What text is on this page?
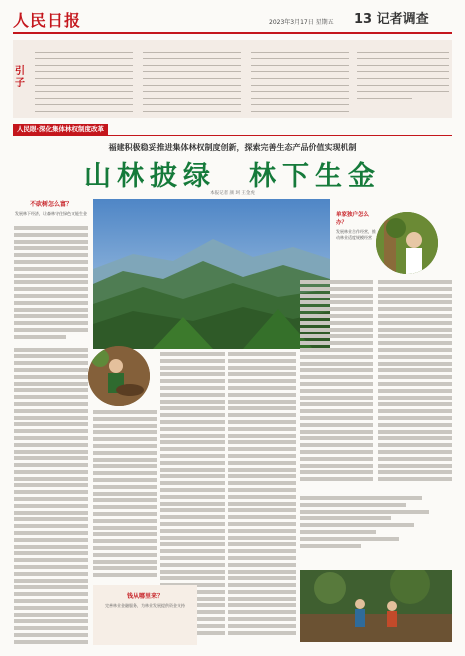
人民日报	2023年3月17日 星期五 13 记者调查
引子
人民眼·深化集体林权制度改革
福建积极稳妥推进集体林权制度创新，探索完善生态产品价值实现机制
山林披绿　林下生金
本报记者 颜 珂 王金虎
不砍树怎么富？
发展林下经济，让森林守住绿色又能生金	单家独户怎么办？
发展林业合作经营，推动林业适度规模经营
钱从哪里来？
完善林业金融服务，为林业发展提供资金支持
